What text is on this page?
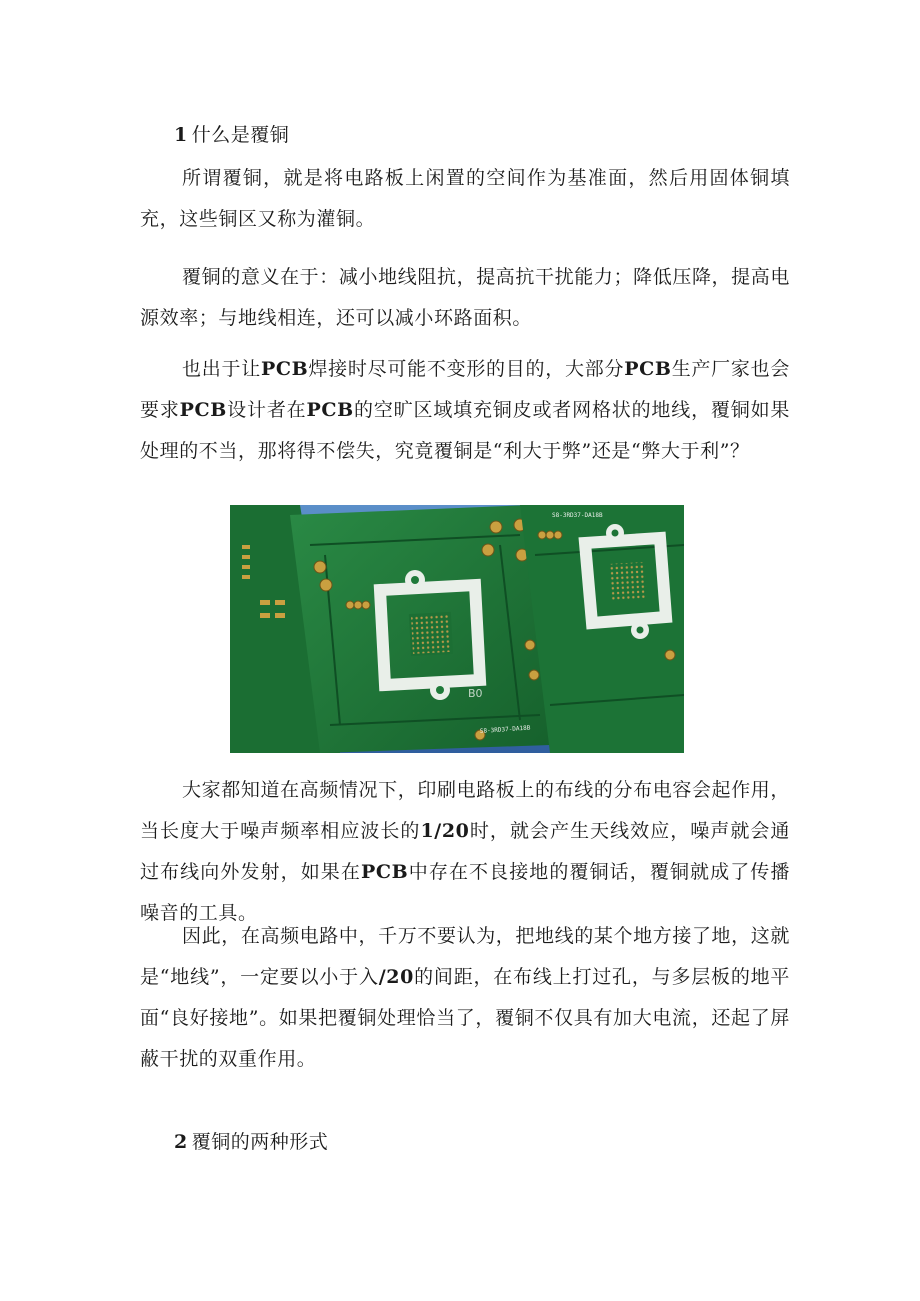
1 什么是覆铜
所谓覆铜，就是将电路板上闲置的空间作为基准面，然后用固体铜填充，这些铜区又称为灌铜。
覆铜的意义在于：减小地线阻抗，提高抗干扰能力；降低压降，提高电源效率；与地线相连，还可以减小环路面积。
也出于让PCB焊接时尽可能不变形的目的，大部分PCB生产厂家也会要求PCB设计者在PCB的空旷区域填充铜皮或者网格状的地线，覆铜如果处理的不当，那将得不偿失，究竟覆铜是“利大于弊”还是“弊大于利”？
S8-3RD37-DA18B
B0
S8-3RD37-DA18B
大家都知道在高频情况下，印刷电路板上的布线的分布电容会起作用，当长度大于噪声频率相应波长的1/20时，就会产生天线效应，噪声就会通过布线向外发射，如果在PCB中存在不良接地的覆铜话，覆铜就成了传播噪音的工具。
因此，在高频电路中，千万不要认为，把地线的某个地方接了地，这就是“地线”，一定要以小于入/20的间距，在布线上打过孔，与多层板的地平面“良好接地”。如果把覆铜处理恰当了，覆铜不仅具有加大电流，还起了屏蔽干扰的双重作用。
2 覆铜的两种形式
